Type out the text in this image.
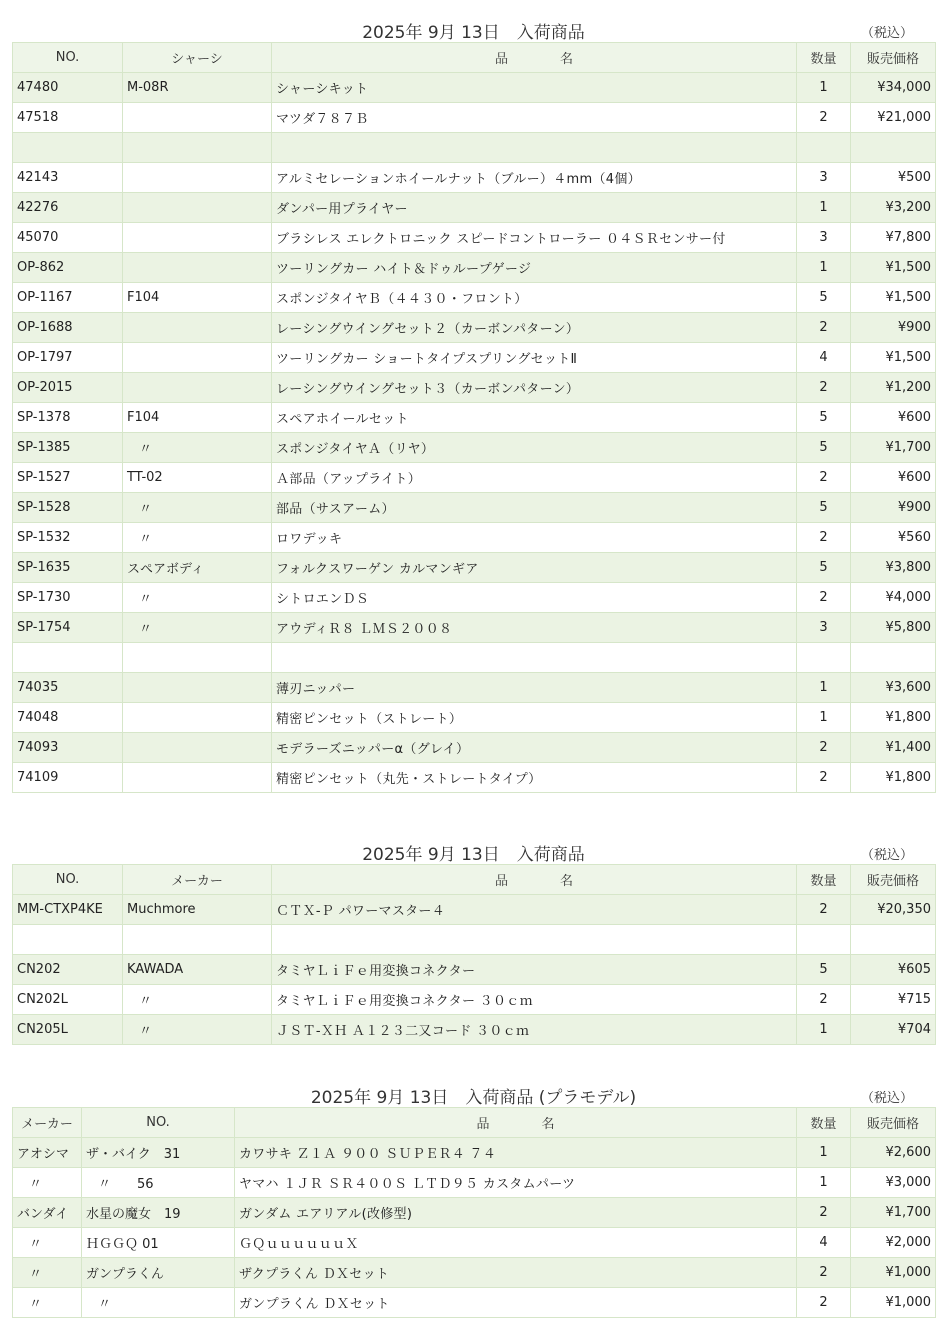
2025年 9月 13日　入荷商品	（税込）
NO.	シャーシ	品　　　　名	数量	販売価格
47480	M-08R	シャーシキット	1	¥34,000
47518		マツダ７８７Ｂ	2	¥21,000

42143		アルミセレーションホイールナット（ブルー）４mm（4個）	3	¥500
42276		ダンパー用プライヤー	1	¥3,200
45070		ブラシレス エレクトロニック スピードコントローラー ０４ＳＲセンサー付	3	¥7,800
OP-862		ツーリングカー ハイト＆ドゥループゲージ	1	¥1,500
OP-1167	F104	スポンジタイヤＢ（４４３０・フロント）	5	¥1,500
OP-1688		レーシングウイングセット２（カーボンパターン）	2	¥900
OP-1797		ツーリングカー ショートタイプスプリングセットⅡ	4	¥1,500
OP-2015		レーシングウイングセット３（カーボンパターン）	2	¥1,200
SP-1378	F104	スペアホイールセット	5	¥600
SP-1385	〃	スポンジタイヤＡ（リヤ）	5	¥1,700
SP-1527	TT-02	Ａ部品（アップライト）	2	¥600
SP-1528	〃	部品（サスアーム）	5	¥900
SP-1532	〃	ロワデッキ	2	¥560
SP-1635	スペアボディ	フォルクスワーゲン カルマンギア	5	¥3,800
SP-1730	〃	シトロエンＤＳ	2	¥4,000
SP-1754	〃	アウディＲ８ ＬＭＳ２００８	3	¥5,800

74035		薄刃ニッパー	1	¥3,600
74048		精密ピンセット（ストレート）	1	¥1,800
74093		モデラーズニッパーα（グレイ）	2	¥1,400
74109		精密ピンセット（丸先・ストレートタイプ）	2	¥1,800
2025年 9月 13日　入荷商品	（税込）
NO.	メーカー	品　　　　名	数量	販売価格
MM-CTXP4KE	Muchmore	ＣＴＸ-Ｐ パワーマスター４	2	¥20,350

CN202	KAWADA	タミヤＬｉＦｅ用変換コネクター	5	¥605
CN202L	〃	タミヤＬｉＦｅ用変換コネクター ３０ｃｍ	2	¥715
CN205L	〃	ＪＳＴ-ＸＨ Ａ１２３二又コード ３０ｃｍ	1	¥704
2025年 9月 13日　入荷商品 (プラモデル)	（税込）
メーカー	NO.	品　　　　名	数量	販売価格
アオシマ	ザ・バイク　31	カワサキ Ｚ１Ａ ９００ ＳＵＰＥＲ４ ７４	1	¥2,600
〃	〃　　56	ヤマハ １ＪＲ ＳＲ４００Ｓ ＬＴＤ９５ カスタムパーツ	1	¥3,000
バンダイ	水星の魔女　19	ガンダム エアリアル(改修型)	2	¥1,700
〃	ＨＧＧＱ 01	ＧＱｕｕｕｕｕｕＸ	4	¥2,000
〃	ガンプラくん	ザクプラくん ＤＸセット	2	¥1,000
〃	〃	ガンプラくん ＤＸセット	2	¥1,000
